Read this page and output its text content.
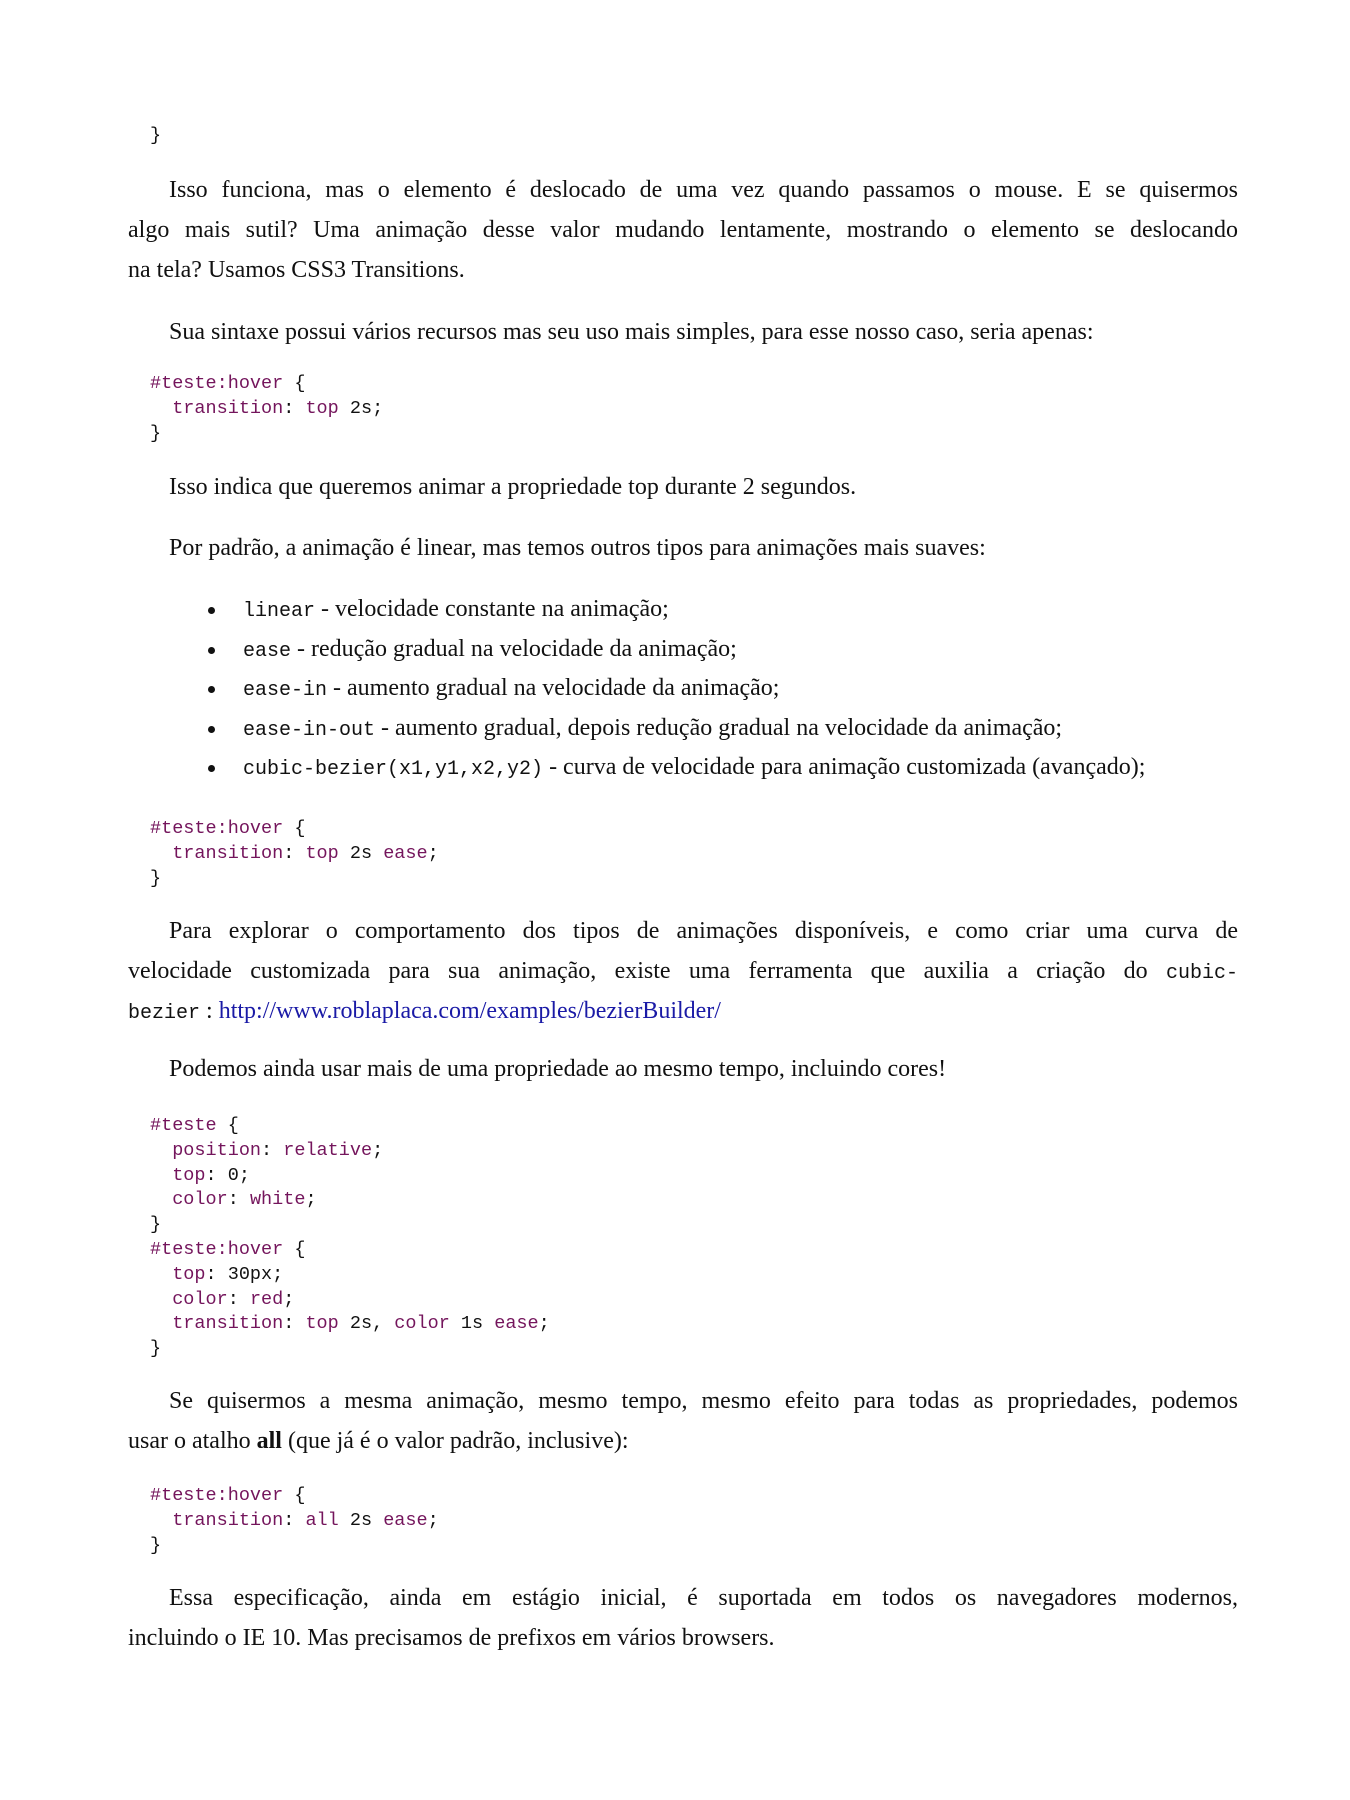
}
Isso funciona, mas o elemento é deslocado de uma vez quando passamos o mouse. E se quisermos
algo mais sutil? Uma animação desse valor mudando lentamente, mostrando o elemento se deslocando
na tela? Usamos CSS3 Transitions.
Sua sintaxe possui vários recursos mas seu uso mais simples, para esse nosso caso, seria apenas:
#teste:hover {
transition: top 2s;
}
Isso indica que queremos animar a propriedade top durante 2 segundos.
Por padrão, a animação é linear, mas temos outros tipos para animações mais suaves:
linear - velocidade constante na animação;
ease - redução gradual na velocidade da animação;
ease-in - aumento gradual na velocidade da animação;
ease-in-out - aumento gradual, depois redução gradual na velocidade da animação;
cubic-bezier(x1,y1,x2,y2) - curva de velocidade para animação customizada (avançado);
#teste:hover {
transition: top 2s ease;
}
Para explorar o comportamento dos tipos de animações disponíveis, e como criar uma curva de
velocidade customizada para sua animação, existe uma ferramenta que auxilia a criação do cubic-
bezier : http://www.roblaplaca.com/examples/bezierBuilder/
Podemos ainda usar mais de uma propriedade ao mesmo tempo, incluindo cores!
#teste {
position: relative;
top: 0;
color: white;
}
#teste:hover {
top: 30px;
color: red;
transition: top 2s, color 1s ease;
}
Se quisermos a mesma animação, mesmo tempo, mesmo efeito para todas as propriedades, podemos
usar o atalho all (que já é o valor padrão, inclusive):
#teste:hover {
transition: all 2s ease;
}
Essa especificação, ainda em estágio inicial, é suportada em todos os navegadores modernos,
incluindo o IE 10. Mas precisamos de prefixos em vários browsers.
